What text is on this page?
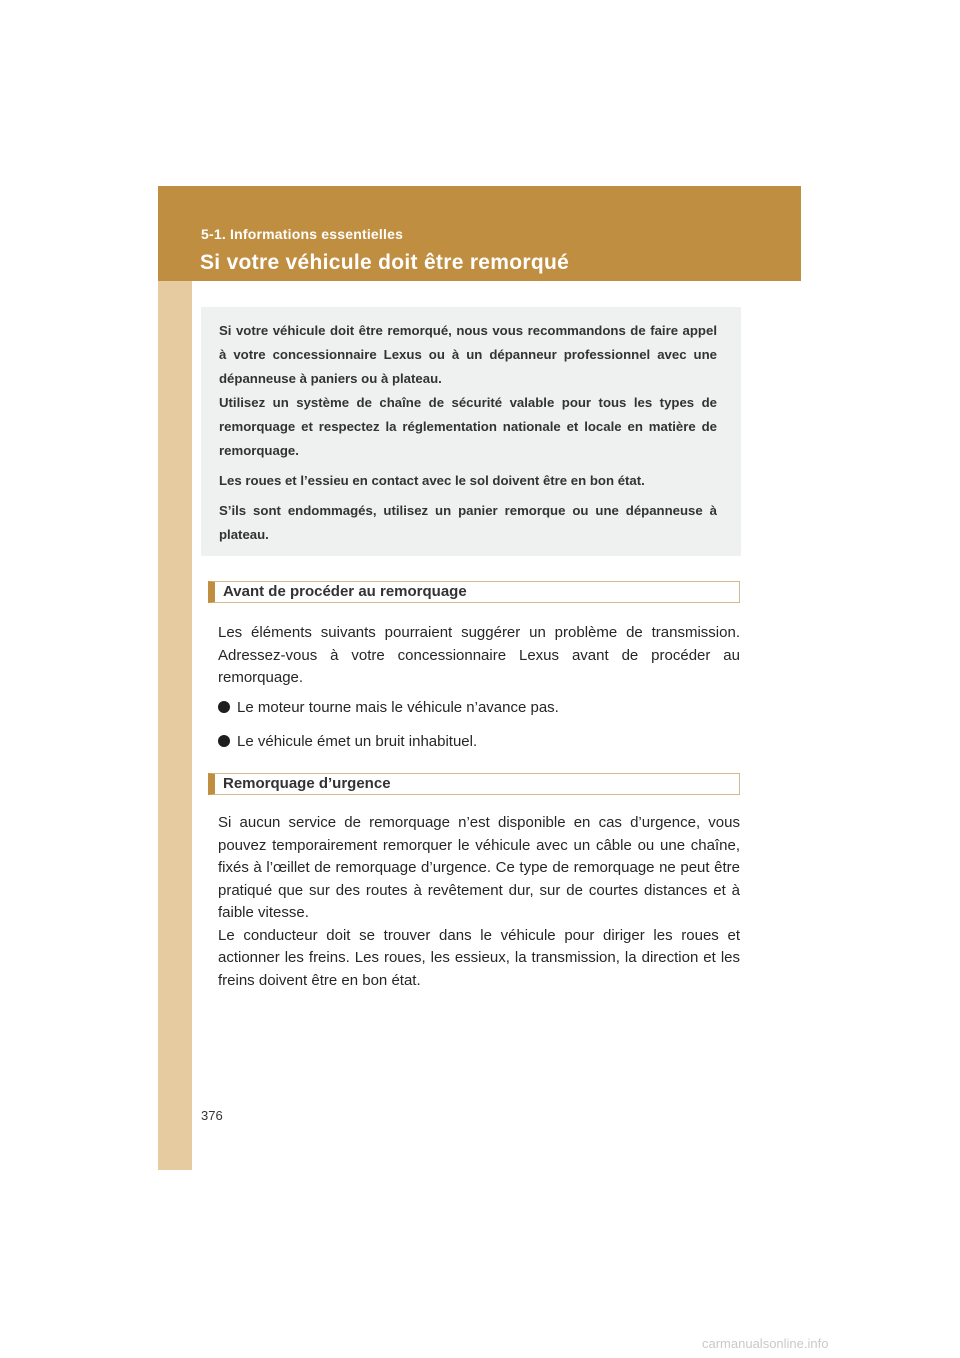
5-1. Informations essentielles
Si votre véhicule doit être remorqué

Si votre véhicule doit être remorqué, nous vous recommandons de faire appel à votre concessionnaire Lexus ou à un dépanneur professionnel avec une dépanneuse à paniers ou à plateau.

Utilisez un système de chaîne de sécurité valable pour tous les types de remorquage et respectez la réglementation nationale et locale en matière de remorquage.

Les roues et l’essieu en contact avec le sol doivent être en bon état.

S’ils sont endommagés, utilisez un panier remorque ou une dépanneuse à plateau.

Avant de procéder au remorquage

Les éléments suivants pourraient suggérer un problème de transmission. Adressez-vous à votre concessionnaire Lexus avant de procéder au remorquage.

Le moteur tourne mais le véhicule n’avance pas.
Le véhicule émet un bruit inhabituel.
Remorquage d’urgence
Si aucun service de remorquage n’est disponible en cas d’urgence, vous pouvez temporairement remorquer le véhicule avec un câble ou une chaîne, fixés à l’œillet de remorquage d’urgence. Ce type de remorquage ne peut être pratiqué que sur des routes à revêtement dur, sur de courtes distances et à faible vitesse.
Le conducteur doit se trouver dans le véhicule pour diriger les roues et actionner les freins. Les roues, les essieux, la transmission, la direction et les freins doivent être en bon état.
376
carmanualsonline.info
